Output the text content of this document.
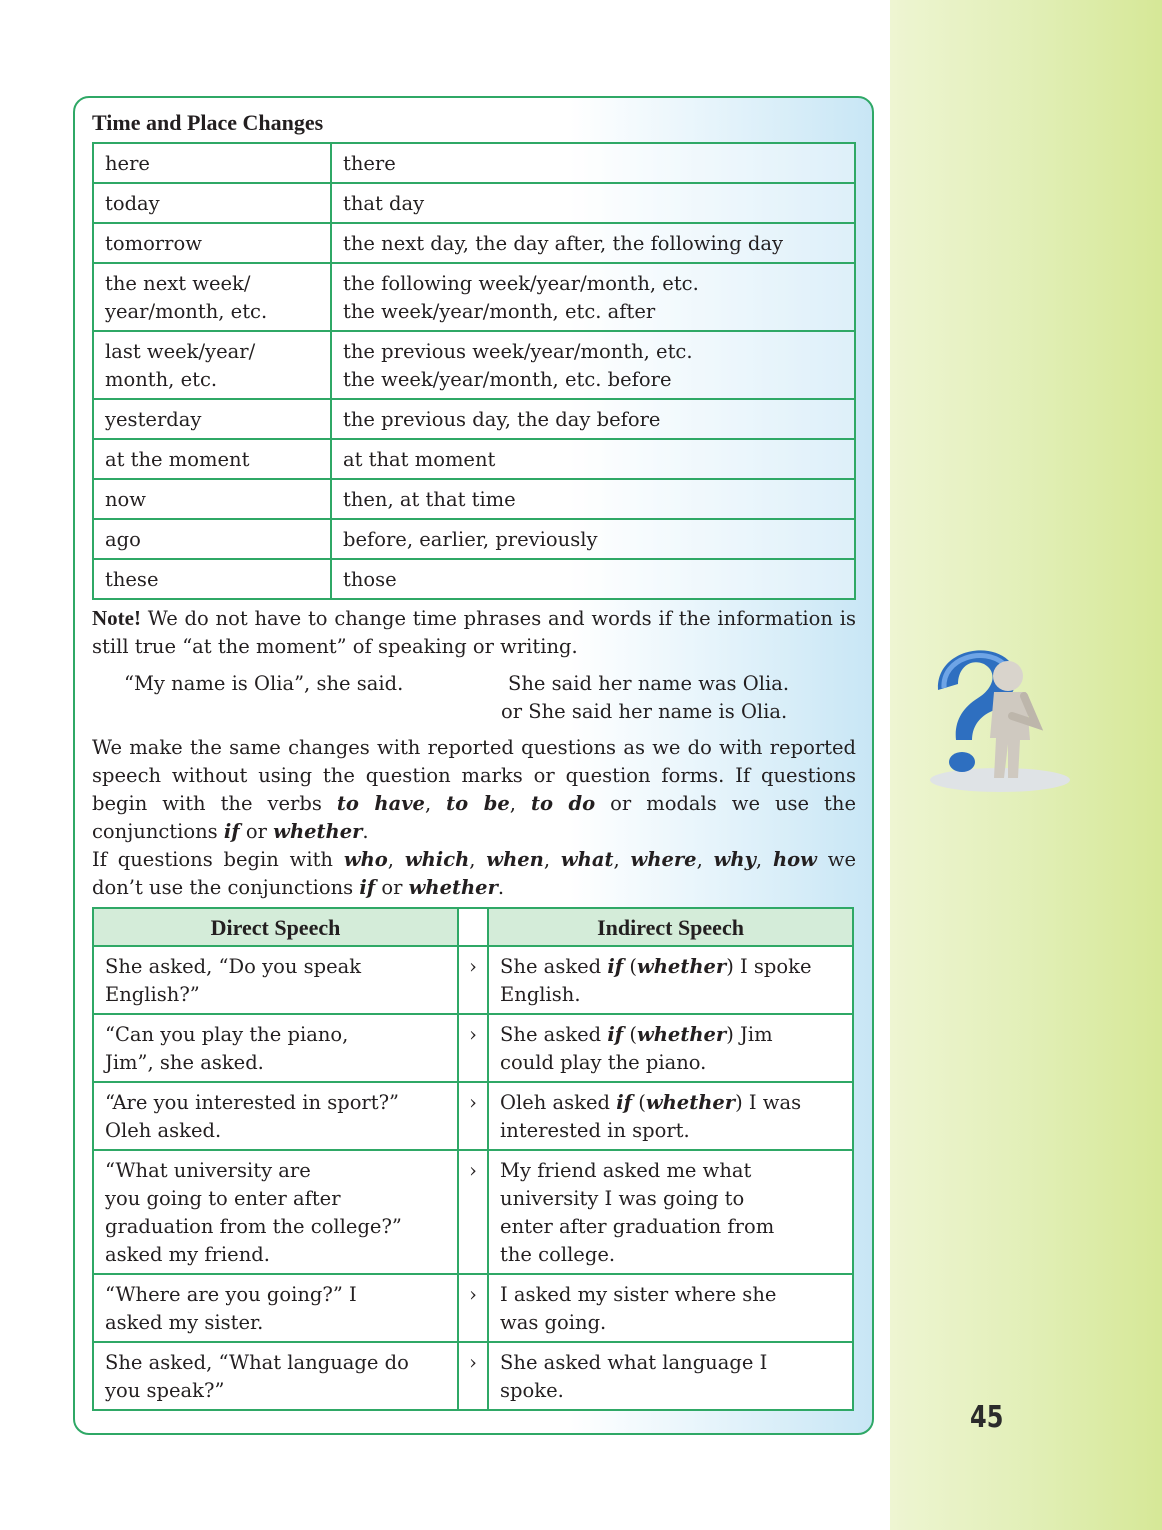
45
Time and Place Changes
here	there

today	that day

tomorrow	the next day, the day after, the following day

the next week/
year/month, etc.	the following week/year/month, etc.
the week/year/month, etc. after

last week/year/
month, etc.	the previous week/year/month, etc.
the week/year/month, etc. before

yesterday	the previous day, the day before

at the moment	at that moment

now	then, at that time

ago	before, earlier, previously

these	those
Note! We do not have to change time phrases and words if the information is still true “at the moment” of speaking or writing.
“My name is Olia”, she said.	She said her name was Olia.
or She said her name is Olia.

We make the same changes with reported questions as we do with reported speech without using the question marks or question forms. If questions begin with the verbs to have, to be, to do or modals we use the conjunctions if or whether.

If questions begin with who, which, when, what, where, why, how we don’t use the conjunctions if or whether.

Direct Speech		Indirect Speech

She asked, “Do you speak
English?”	›	She asked if (whether) I spoke
English.

“Can you play the piano,
Jim”, she asked.	›	She asked if (whether) Jim
could play the piano.

“Are you interested in sport?”
Oleh asked.	›	Oleh asked if (whether) I was
interested in sport.

“What university are
you going to enter after
graduation from the college?”
asked my friend.	›	My friend asked me what
university I was going to
enter after graduation from
the college.

“Where are you going?” I
asked my sister.	›	I asked my sister where she
was going.

She asked, “What language do
you speak?”	›	She asked what language I
spoke.
